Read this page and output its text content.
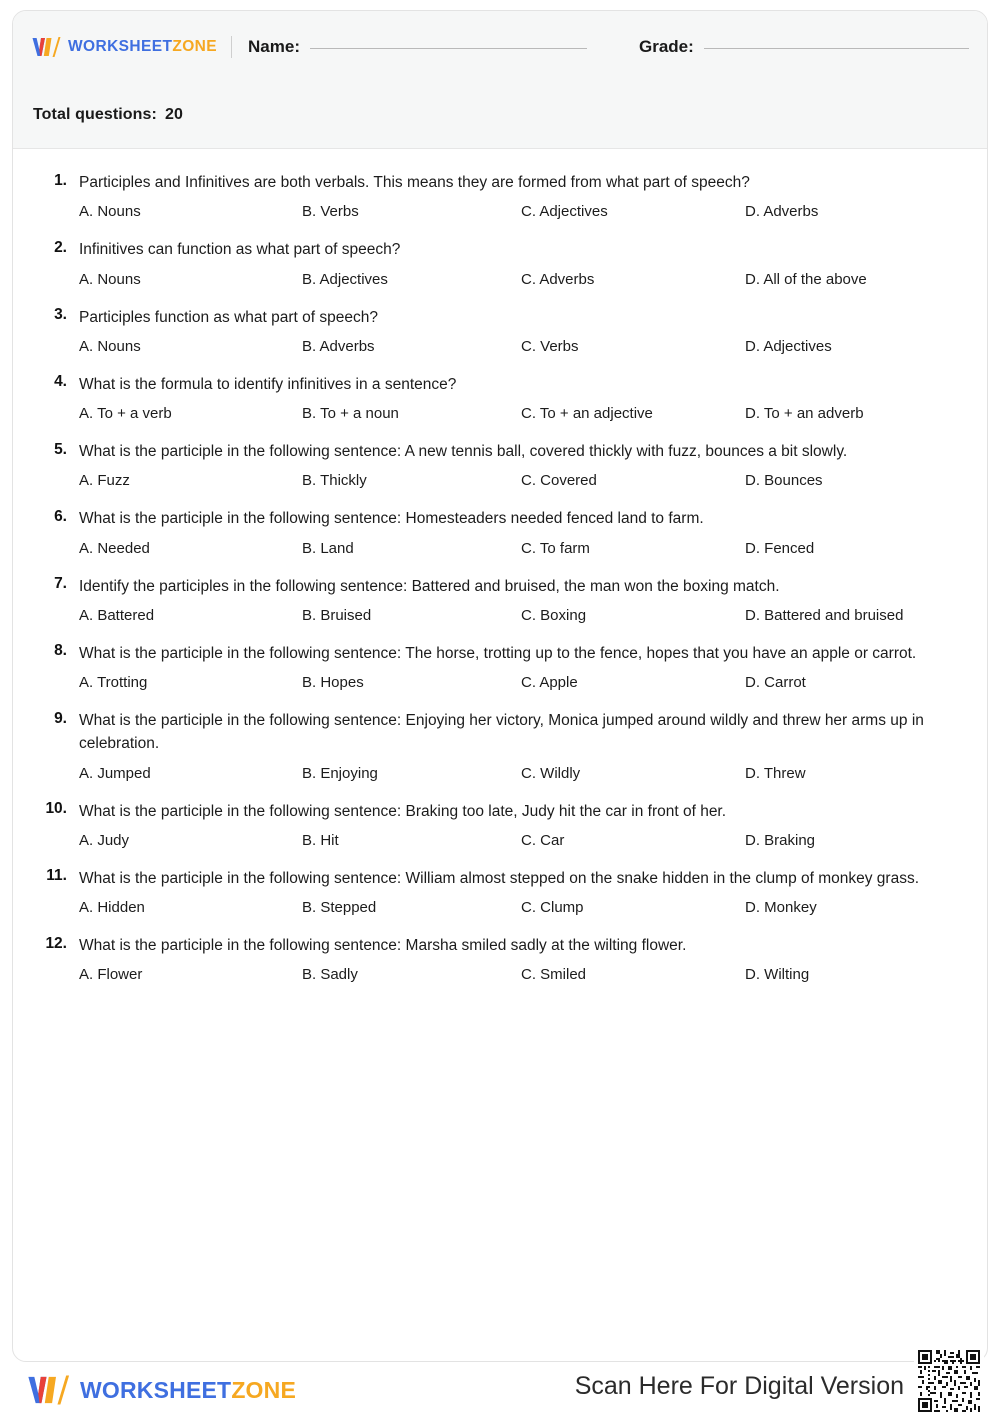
WORKSHEETZONE Name:	Grade:
Total questions: 20
1. Participles and Infinitives are both verbals. This means they are formed from what part of speech?
A. Nouns	B. Verbs	C. Adjectives	D. Adverbs
2. Infinitives can function as what part of speech?
A. Nouns	B. Adjectives	C. Adverbs	D. All of the above
3. Participles function as what part of speech?
A. Nouns	B. Adverbs	C. Verbs	D. Adjectives
4. What is the formula to identify infinitives in a sentence?
A. To + a verb	B. To + a noun	C. To + an adjective	D. To + an adverb
5. What is the participle in the following sentence: A new tennis ball, covered thickly with fuzz, bounces a bit slowly.
A. Fuzz	B. Thickly	C. Covered	D. Bounces
6. What is the participle in the following sentence: Homesteaders needed fenced land to farm.
A. Needed	B. Land	C. To farm	D. Fenced
7. Identify the participles in the following sentence: Battered and bruised, the man won the boxing match.
A. Battered	B. Bruised	C. Boxing	D. Battered and bruised
8. What is the participle in the following sentence: The horse, trotting up to the fence, hopes that you have an apple or carrot.
A. Trotting	B. Hopes	C. Apple	D. Carrot
9. What is the participle in the following sentence: Enjoying her victory, Monica jumped around wildly and threw her arms up in celebration.
A. Jumped	B. Enjoying	C. Wildly	D. Threw
10. What is the participle in the following sentence: Braking too late, Judy hit the car in front of her.
A. Judy	B. Hit	C. Car	D. Braking
11. What is the participle in the following sentence: William almost stepped on the snake hidden in the clump of monkey grass.
A. Hidden	B. Stepped	C. Clump	D. Monkey
12. What is the participle in the following sentence: Marsha smiled sadly at the wilting flower.
A. Flower	B. Sadly	C. Smiled	D. Wilting
WORKSHEETZONE	Scan Here For Digital Version
